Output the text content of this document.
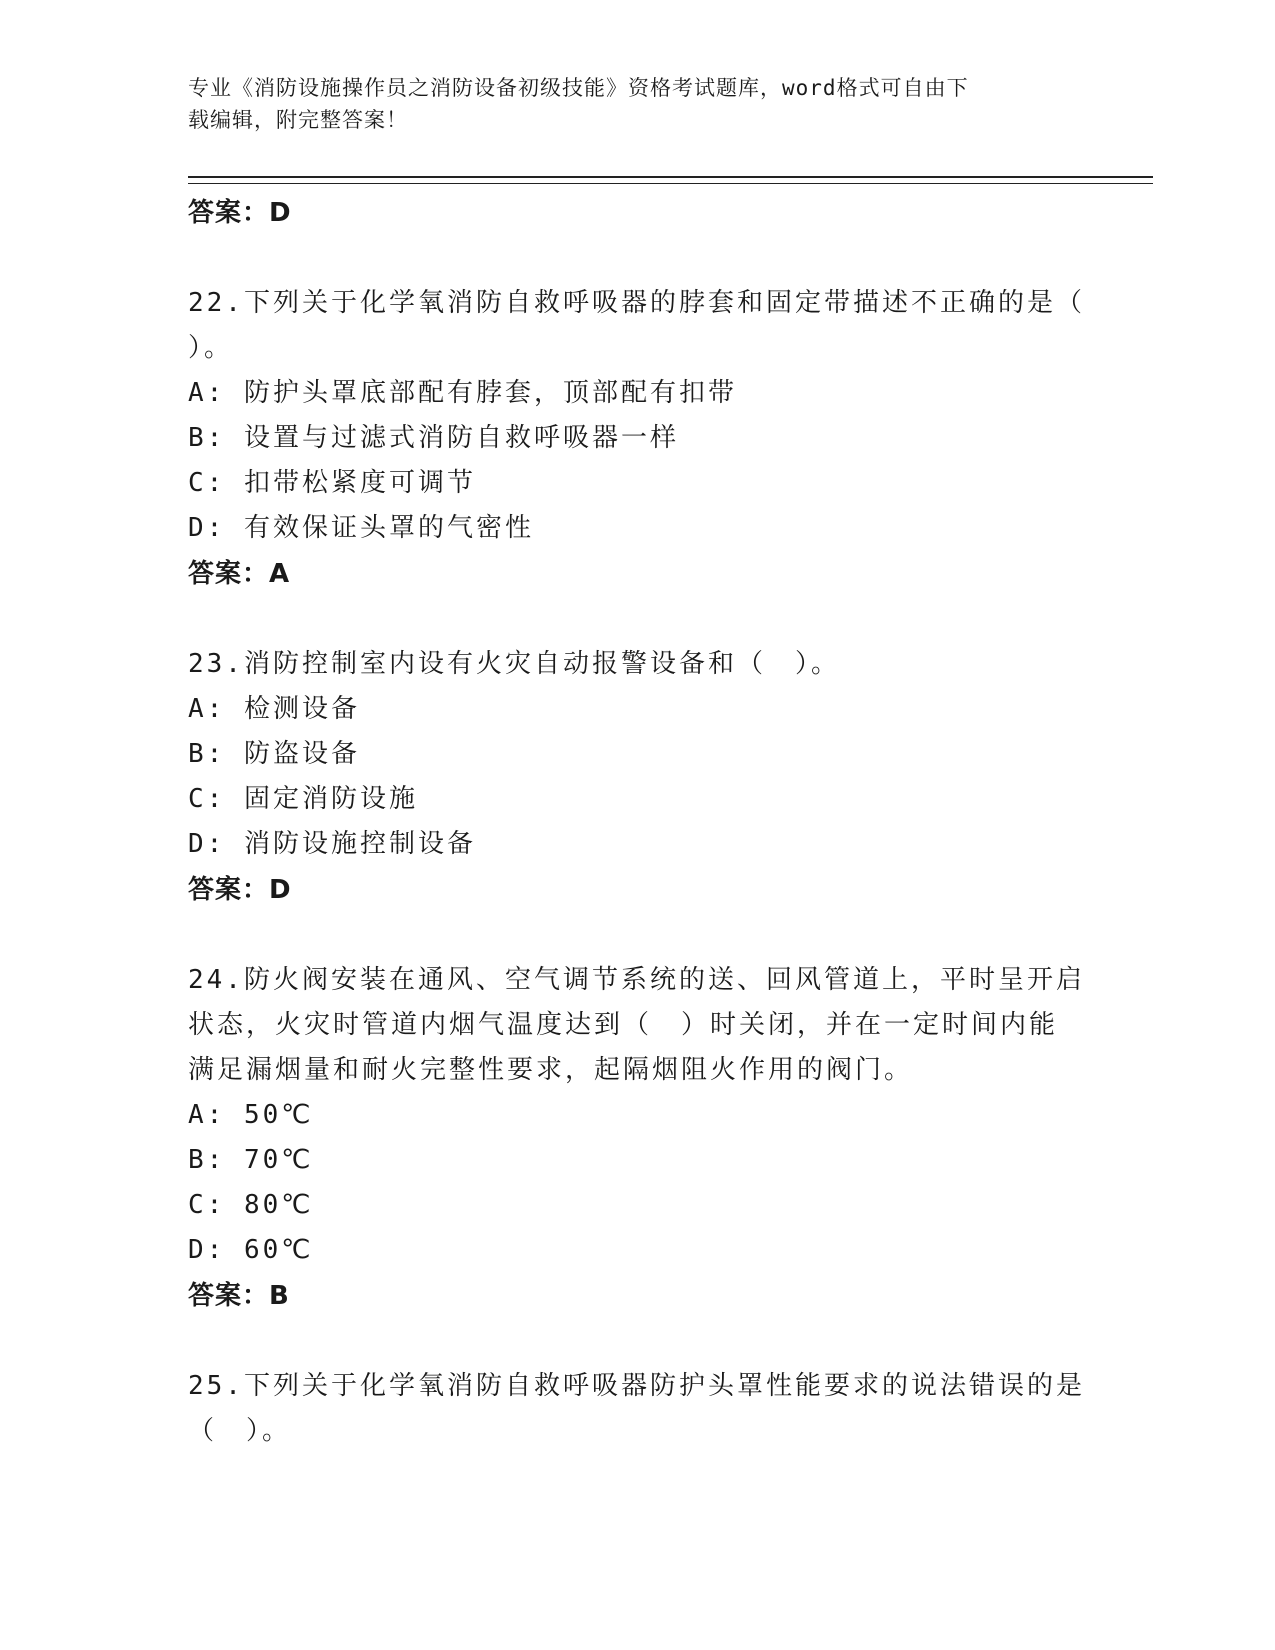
专业《消防设施操作员之消防设备初级技能》资格考试题库，word格式可自由下
载编辑，附完整答案！
答案：D
22.下列关于化学氧消防自救呼吸器的脖套和固定带描述不正确的是（
）。
A: 防护头罩底部配有脖套，顶部配有扣带
B: 设置与过滤式消防自救呼吸器一样
C: 扣带松紧度可调节
D: 有效保证头罩的气密性
答案：A
23.消防控制室内设有火灾自动报警设备和（　）。
A: 检测设备
B: 防盗设备
C: 固定消防设施
D: 消防设施控制设备
答案：D
24.防火阀安装在通风、空气调节系统的送、回风管道上，平时呈开启
状态，火灾时管道内烟气温度达到（　）时关闭，并在一定时间内能
满足漏烟量和耐火完整性要求，起隔烟阻火作用的阀门。
A: 50℃
B: 70℃
C: 80℃
D: 60℃
答案：B
25.下列关于化学氧消防自救呼吸器防护头罩性能要求的说法错误的是
（　）。
